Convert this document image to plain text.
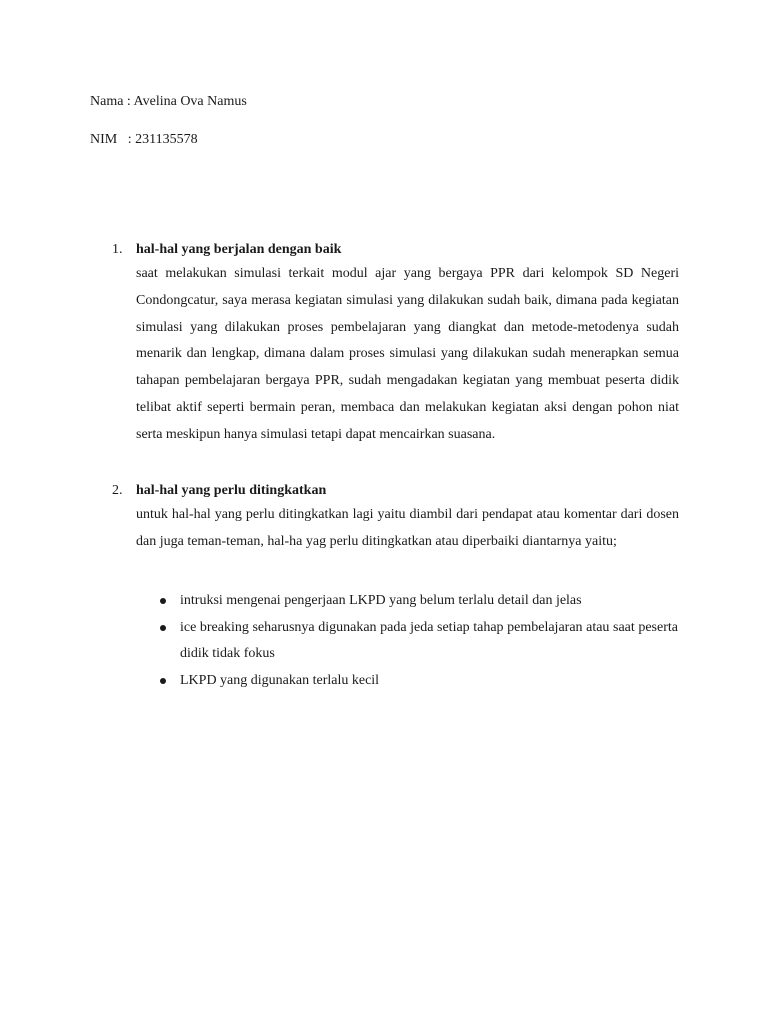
Nama : Avelina Ova Namus
NIM   : 231135578
1. hal-hal yang berjalan dengan baik

saat melakukan simulasi terkait modul ajar yang bergaya PPR dari kelompok SD Negeri Condongcatur, saya merasa kegiatan simulasi yang dilakukan sudah baik, dimana pada kegiatan simulasi yang dilakukan proses pembelajaran yang diangkat dan metode-metodenya sudah menarik dan lengkap, dimana dalam proses simulasi yang dilakukan sudah menerapkan semua tahapan pembelajaran bergaya PPR, sudah mengadakan kegiatan yang membuat peserta didik telibat aktif seperti bermain peran, membaca dan melakukan kegiatan aksi dengan pohon niat serta meskipun hanya simulasi tetapi dapat mencairkan suasana.

2. hal-hal yang perlu ditingkatkan

untuk hal-hal yang perlu ditingkatkan lagi yaitu diambil dari pendapat atau komentar dari dosen dan juga teman-teman, hal-ha yag perlu ditingkatkan atau diperbaiki diantarnya yaitu;

intruksi mengenai pengerjaan LKPD yang belum terlalu detail dan jelas
ice breaking seharusnya digunakan pada jeda setiap tahap pembelajaran atau saat peserta didik tidak fokus
LKPD yang digunakan terlalu kecil
